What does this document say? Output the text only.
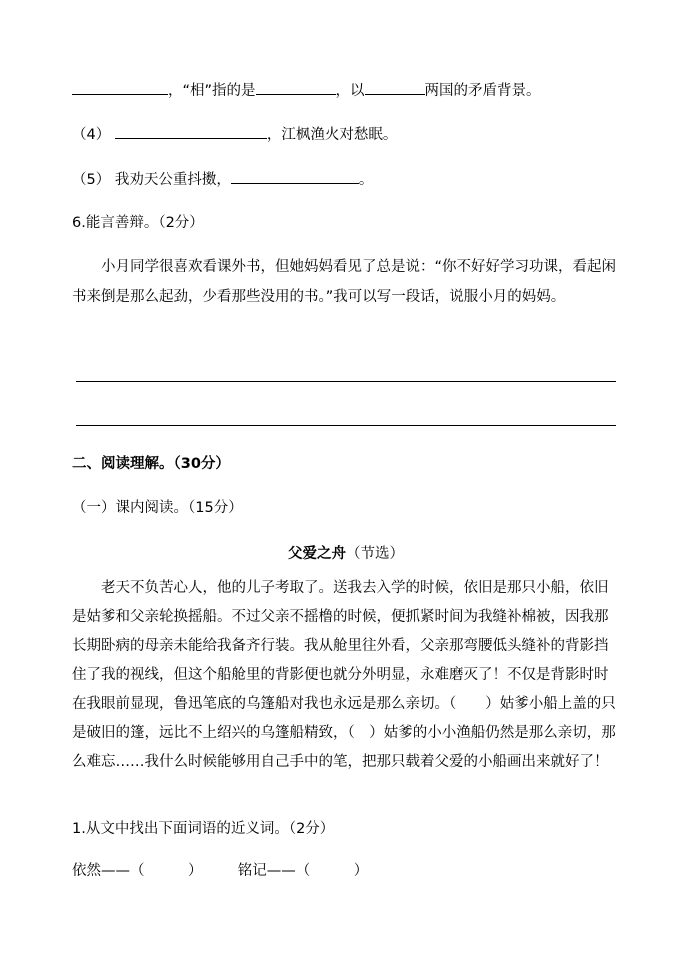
，“相”指的是	，以	两国的矛盾背景。
（4）	，江枫渔火对愁眠。
（5） 我劝天公重抖擞，	。
6.能言善辩。（2分）
小月同学很喜欢看课外书，但她妈妈看见了总是说：“你不好好学习功课，看起闲书来倒是那么起劲，少看那些没用的书。”我可以写一段话，说服小月的妈妈。
二、阅读理解。（30分）
（一）课内阅读。（15分）
父爱之舟（节选）
老天不负苦心人，他的儿子考取了。送我去入学的时候，依旧是那只小船，依旧是姑爹和父亲轮换摇船。不过父亲不摇橹的时候，便抓紧时间为我缝补棉被，因我那长期卧病的母亲未能给我备齐行装。我从舱里往外看，父亲那弯腰低头缝补的背影挡住了我的视线，但这个船舱里的背影便也就分外明显，永难磨灭了！不仅是背影时时在我眼前显现，鲁迅笔底的乌篷船对我也永远是那么亲切。（　　）姑爹小船上盖的只是破旧的篷，远比不上绍兴的乌篷船精致，（　）姑爹的小小渔船仍然是那么亲切，那么难忘……我什么时候能够用自己手中的笔，把那只载着父爱的小船画出来就好了！
1.从文中找出下面词语的近义词。（2分）
依然——（　　　） 铭记——（　　　）
